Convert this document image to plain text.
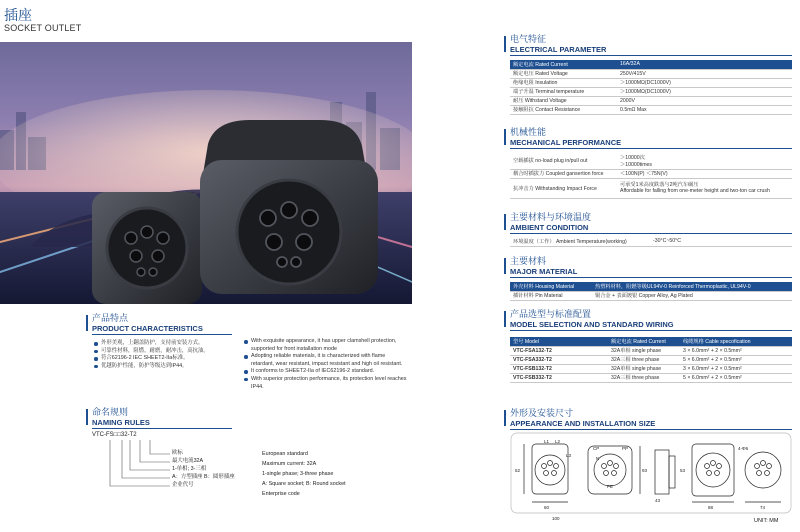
插座
SOCKET OUTLET
电气特征
ELECTRICAL PARAMETER
额定电流 Rated Current	16A/32A
额定电压 Rated Voltage	250V/415V
绝缘电阻 Insulation	＞1000MΩ(DC1000V)
端子升温 Terminal temperature	＞1000MΩ(DC1000V)
耐压 Withstand Voltage	2000V
接触阻抗 Contact Resistance	0.5mΩ Max
机械性能
MECHANICAL PERFORMANCE
空载插拔 no-load plug in/pull out	＞10000次
＞10000times

耦合时插拔力 Coupled gansertion force	＜100N(P) ＜75N(V)
抗冲击力 Withstanding Impact Force	可承受1米高度跌落与2吨汽车碾压
Affordable for falling from one-meter height and two-ton car crush
主要材料与环境温度
AMBIENT CONDITION
环境温度（工作） Ambient Temperature(working)	-30°C~50°C
主要材料
MAJOR MATERIAL
外壳材料 Housing Material	热塑料材料，阻燃等级UL94V-0 Reinforced Thermoplastic, UL94V-0
插针材料 Pin Material	铜合金 + 表面镀银 Copper Alloy, Ag Plated
产品选型与标准配置
MODEL SELECTION AND STANDARD WIRING
型号 Model	额定电流 Rated Current	线缆规格 Cable specofication
VTC-FSA132-T2	32A单相 single phase	3 × 6.0mm² + 2 × 0.5mm²
VTC-FSA332-T2	32A三相 three phase	5 × 6.0mm² + 2 × 0.5mm²
VTC-FSB132-T2	32A单相 single phase	3 × 6.0mm² + 2 × 0.5mm²
VTC-FSB332-T2	32A三相 three phase	5 × 6.0mm² + 2 × 0.5mm²
外形及安装尺寸
APPEARANCE AND INSTALLATION SIZE
L1 L2
L3
CP	PP
N
PE
52
60
100
93
88
4-Φ6
74
53
43
UNIT: MM
产品特点
PRODUCT CHARACTERISTICS
外形美观，上翻盖防护，支持前安装方式。
可靠性材料，阻燃，耐磨，耐冲击，高抗油。
符合62196-2 IEC SHEET2-IIa标准。
优越防护性能，防护等级达到IP44。
With exquisite appearance, it has upper clamshell protection, supported for front installation mode
Adopting reliable materials, it is characterized with flame retardant, wear resistant, impact resistant and high oil resistant.
It conforms to SHEET2-IIa of IEC62196-2 standard.
With superior protection performance, its protection level reaches IP44.
命名规则
NAMING RULES
VTC-FS□□32-T2
欧标
最大电流32A
1-单相; 3-三相
A：方型插座 B：圆形插座
企业代号
European standard
Maximum current: 32A
1-single phase; 3-three phase
A: Square socket; B: Round socket
Enterprise code
